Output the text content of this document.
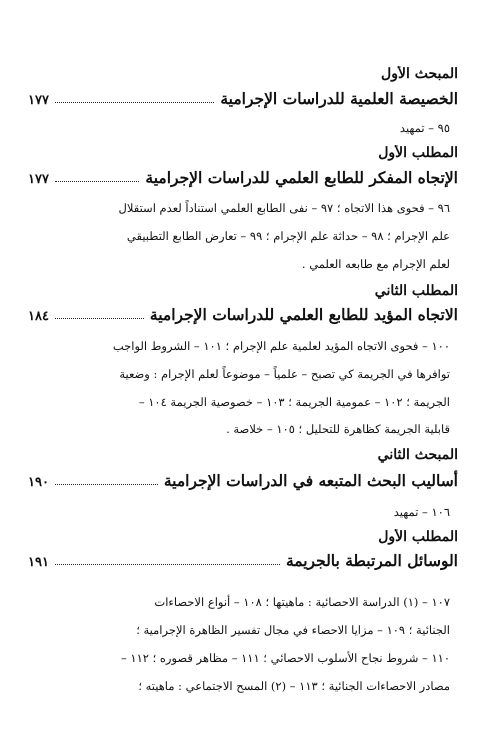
المبحث الأول
الخصيصة العلمية للدراسات الإجرامية
١٧٧
٩٥ – تمهيد
المطلب الأول
الإتجاه المفكر للطابع العلمي للدراسات الإجرامية
١٧٧
٩٦ – فحوى هذا الاتجاه ؛ ٩٧ – نفى الطابع العلمي استناداً لعدم استقلال
علم الإجرام ؛ ٩٨ – حداثة علم الإجرام ؛ ٩٩ – تعارض الطابع التطبيقي
لعلم الإجرام مع طابعه العلمي .
المطلب الثاني
الاتجاه المؤيد للطابع العلمي للدراسات الإجرامية
١٨٤
١٠٠ – فحوى الاتجاه المؤيد لعلمية علم الإجرام ؛ ١٠١ – الشروط الواجب
توافرها في الجريمة كي تصبح – علمياً – موضوعاً لعلم الإجرام : وضعية
الجريمة ؛ ١٠٢ – عمومية الجريمة ؛ ١٠٣ – خصوصية الجريمة ١٠٤ –
قابلية الجريمة كظاهرة للتحليل ؛ ١٠٥ – خلاصة .
المبحث الثاني
أساليب البحث المتبعه في الدراسات الإجرامية
١٩٠
١٠٦ – تمهيد
المطلب الأول
الوسائل المرتبطة بالجريمة
١٩١
١٠٧ – (١) الدراسة الاحصائية : ماهيتها ؛ ١٠٨ – أنواع الاحصاءات
الجنائية ؛ ١٠٩ – مزايا الاحصاء في مجال تفسير الظاهرة الإجرامية ؛
١١٠ – شروط نجاح الأسلوب الاحصائي ؛ ١١١ – مظاهر قصوره ؛ ١١٢ –
مصادر الاحصاءات الجنائية ؛ ١١٣ – (٢) المسح الاجتماعي : ماهيته ؛
